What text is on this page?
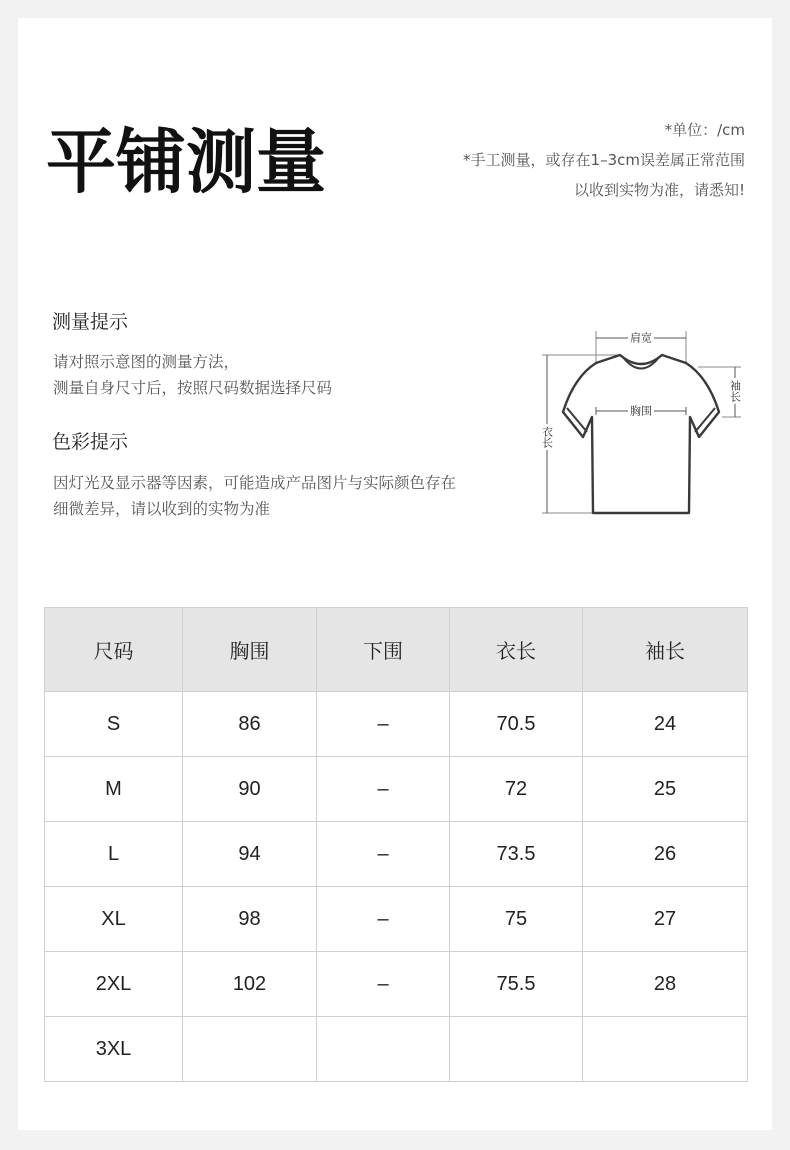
平铺测量	*单位：/cm
*手工测量，或存在1–3cm误差属正常范围
以收到实物为准，请悉知!
测量提示
请对照示意图的测量方法，
测量自身尺寸后，按照尺码数据选择尺码
色彩提示
因灯光及显示器等因素，可能造成产品图片与实际颜色存在
细微差异，请以收到的实物为准
肩宽
胸围
袖长
衣长
尺码	胸围	下围	衣长	袖长
S	86	–	70.5	24
M	90	–	72	25
L	94	–	73.5	26
XL	98	–	75	27
2XL	102	–	75.5	28
3XL				
